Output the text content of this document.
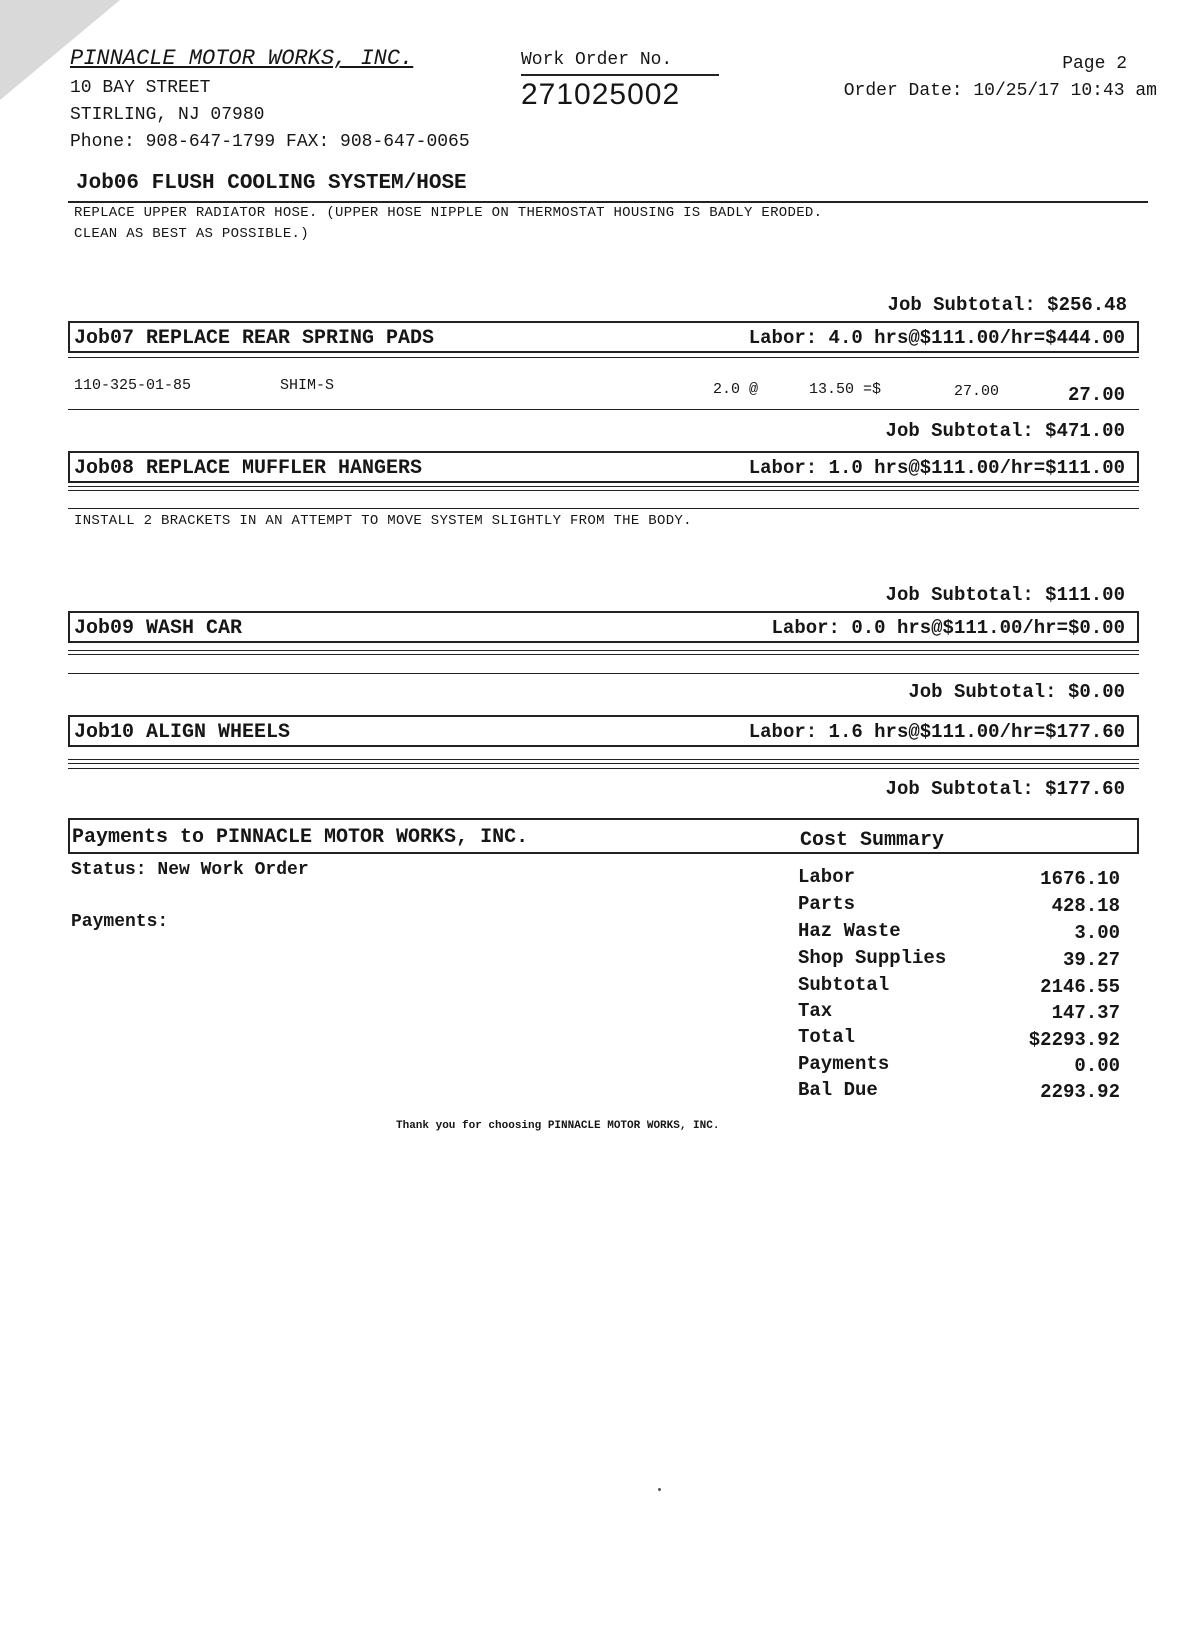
PINNACLE MOTOR WORKS, INC.
10 BAY STREET
STIRLING, NJ 07980
Phone: 908-647-1799 FAX: 908-647-0065
Work Order No.
271025002
Page 2
Order Date: 10/25/17 10:43 am
Job06 FLUSH COOLING SYSTEM/HOSE
REPLACE UPPER RADIATOR HOSE. (UPPER HOSE NIPPLE ON THERMOSTAT HOUSING IS BADLY ERODED.
CLEAN AS BEST AS POSSIBLE.)
Job Subtotal: $256.48
Job07 REPLACE REAR SPRING PADS	Labor: 4.0 hrs@$111.00/hr=$444.00
110-325-01-85	SHIM-S	2.0 @	13.50 =$	27.00	27.00
Job Subtotal: $471.00
Job08 REPLACE MUFFLER HANGERS	Labor: 1.0 hrs@$111.00/hr=$111.00
INSTALL 2 BRACKETS IN AN ATTEMPT TO MOVE SYSTEM SLIGHTLY FROM THE BODY.
Job Subtotal: $111.00
Job09 WASH CAR	Labor: 0.0 hrs@$111.00/hr=$0.00
Job Subtotal: $0.00
Job10 ALIGN WHEELS	Labor: 1.6 hrs@$111.00/hr=$177.60
Job Subtotal: $177.60
Payments to PINNACLE MOTOR WORKS, INC.	Cost Summary
Status: New Work Order
Payments:
Labor	1676.10
Parts	428.18
Haz Waste	3.00
Shop Supplies	39.27
Subtotal	2146.55
Tax	147.37
Total	$2293.92
Payments	0.00
Bal Due	2293.92
Thank you for choosing PINNACLE MOTOR WORKS, INC.
